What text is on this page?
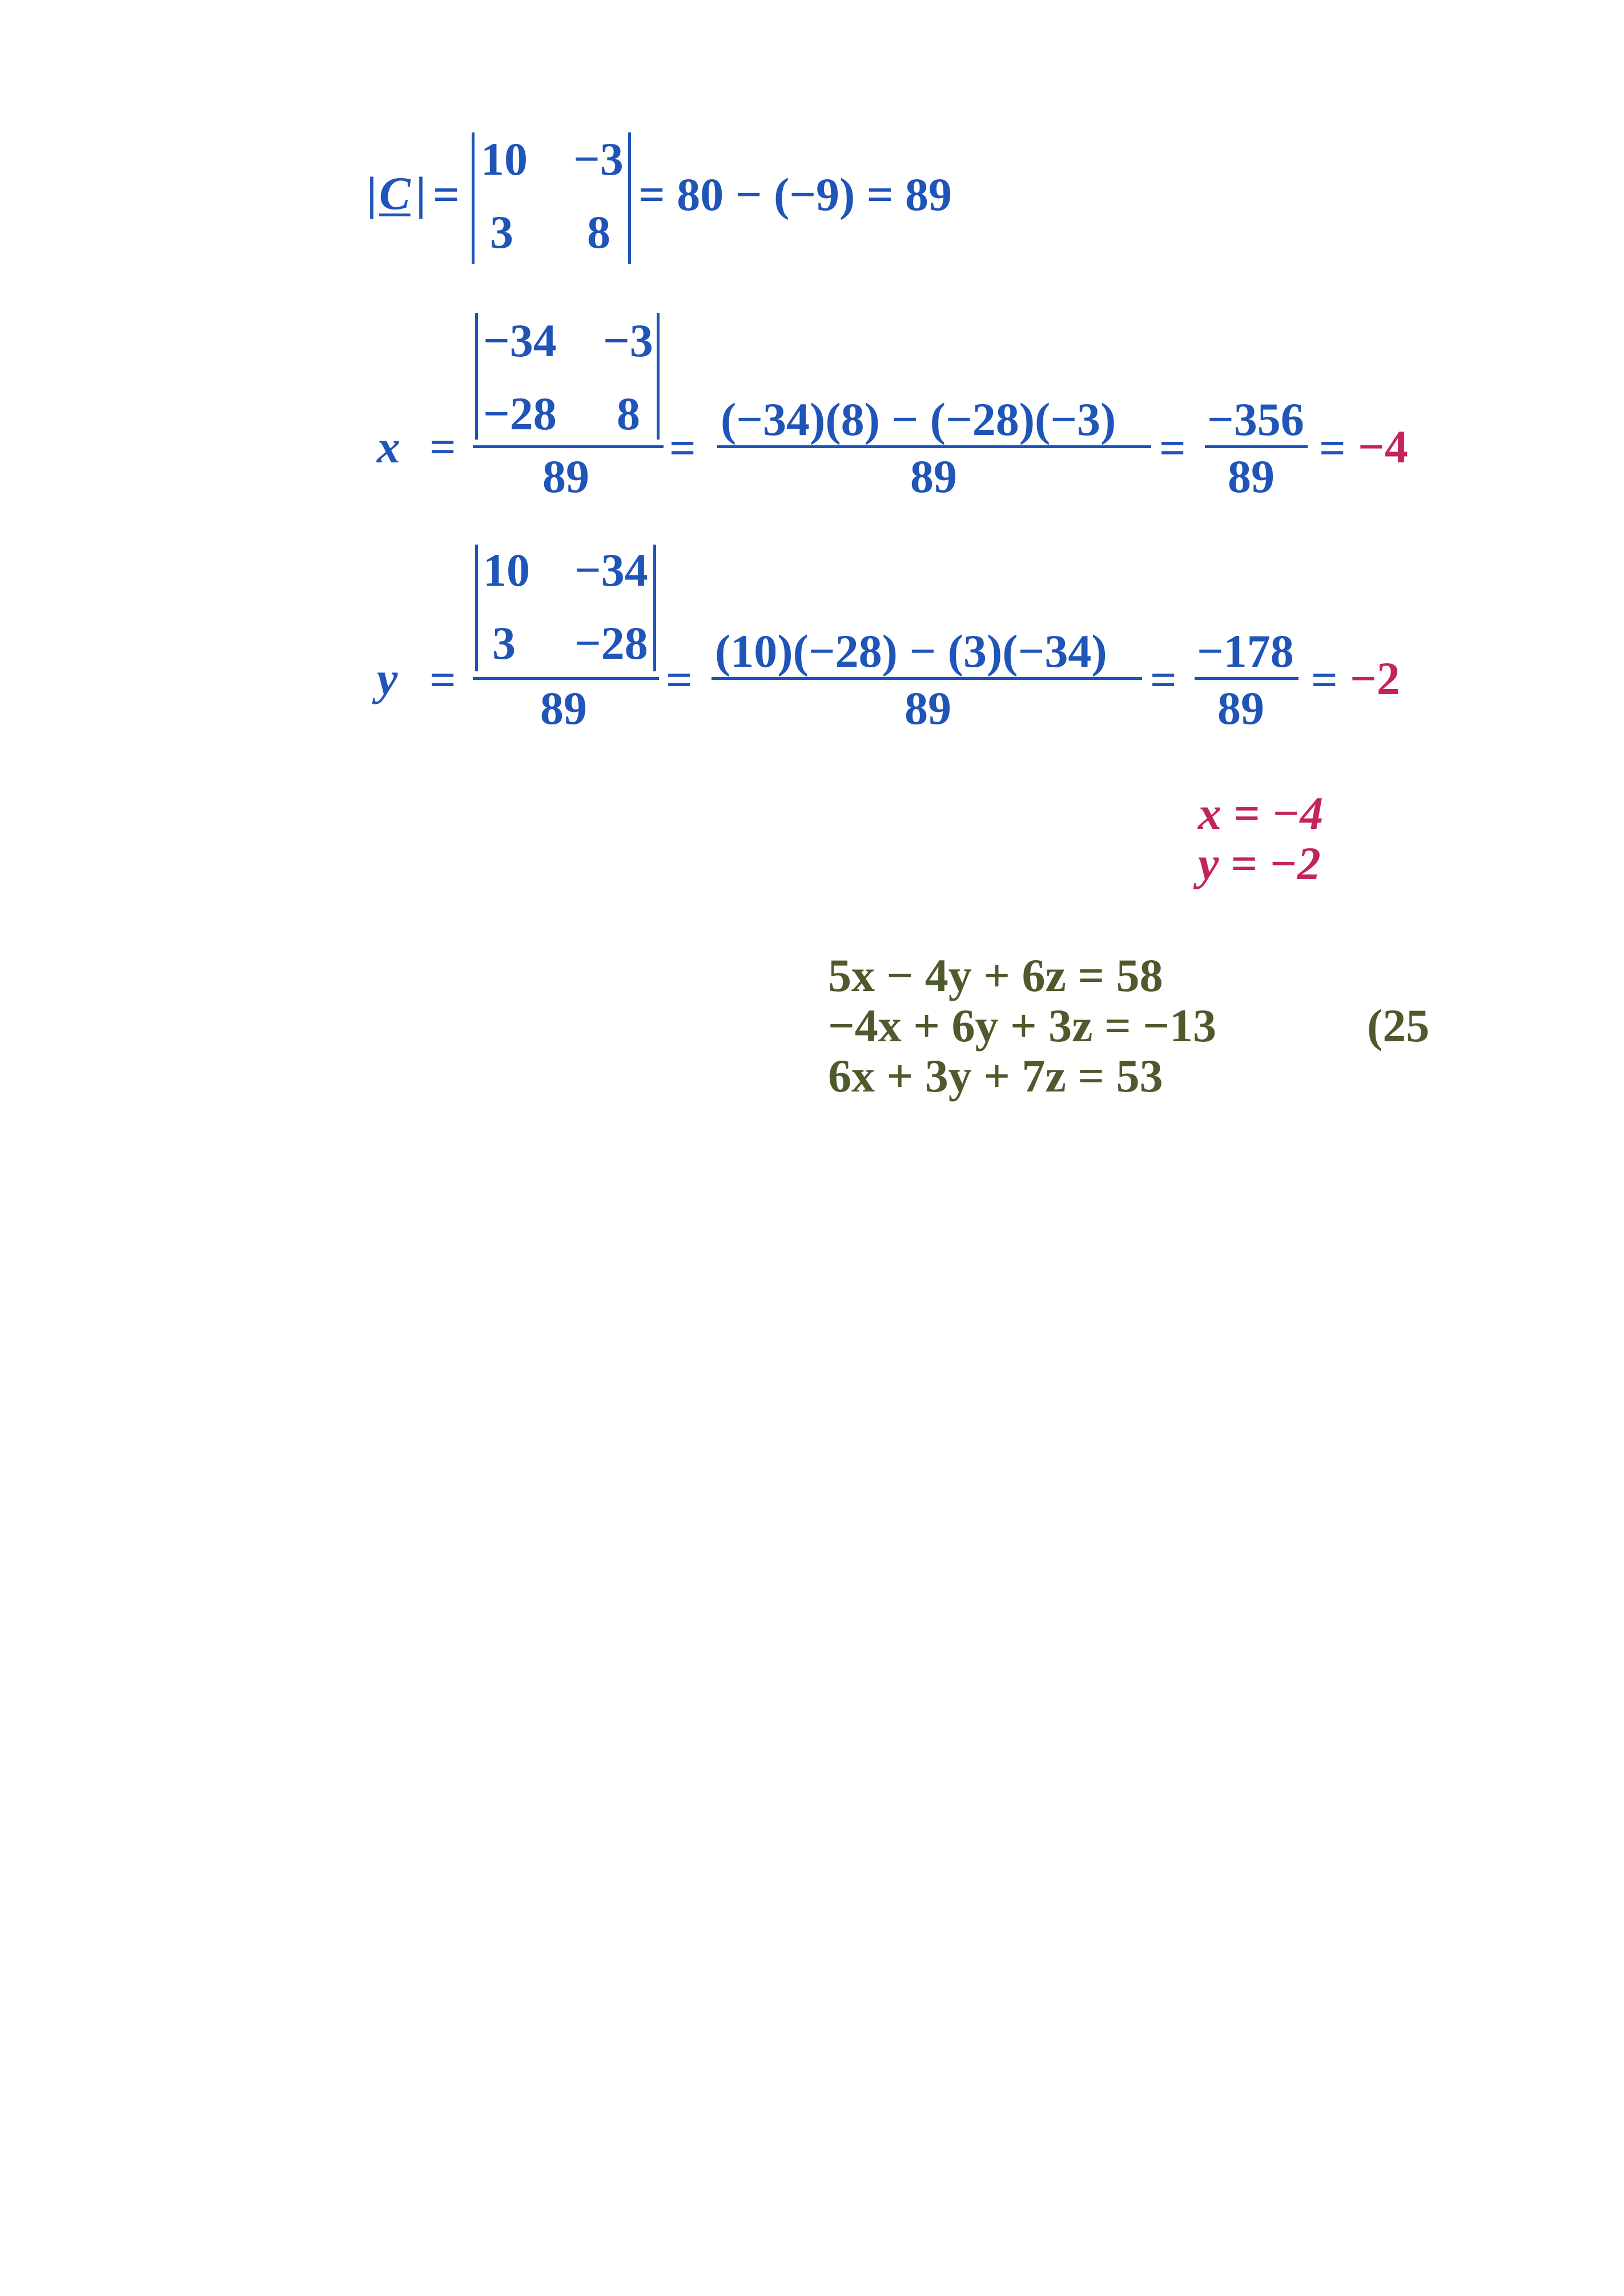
| C | =
10 −3
3 8
= 80 − (−9) = 89
x =
−34 −3
−28 8
89
=
(−34)(8) − (−28)(−3)
89
=
−356
89
= −4
y =
10 −34
3 −28
89
=
(10)(−28) − (3)(−34)
89
=
−178
89
= −2
x = −4
y = −2
5x − 4y + 6z = 58
−4x + 6y + 3z = −13
6x + 3y + 7z = 53
(25
